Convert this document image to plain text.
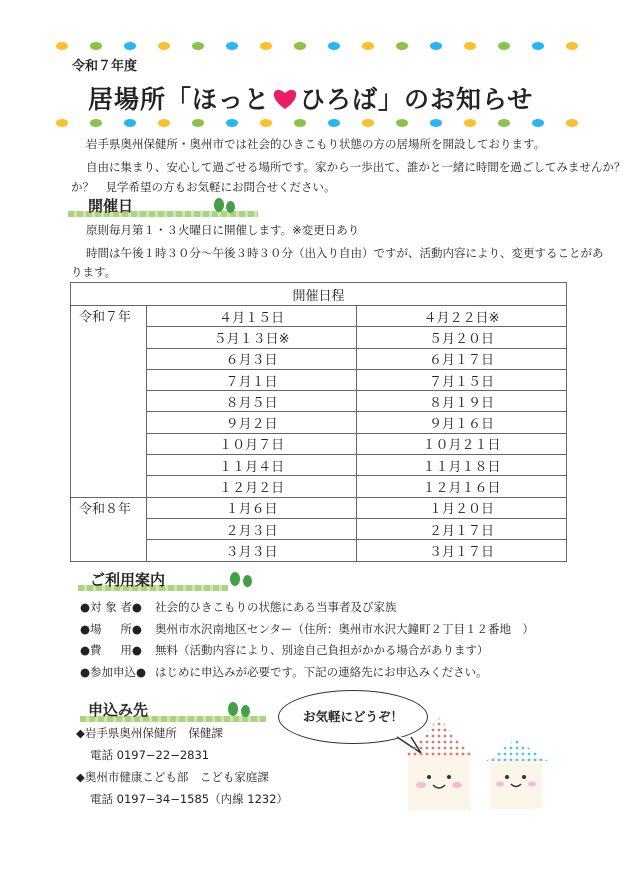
令和７年度
居場所「ほっと ひろば」のお知らせ
岩手県奥州保健所・奥州市では社会的ひきこもり状態の方の居場所を開設しております。
自由に集まり、安心して過ごせる場所です。家から一歩出て、誰かと一緒に時間を過ごしてみませんか？
か？　見学希望の方もお気軽にお問合せください。
開催日
原則毎月第１・３火曜日に開催します。※変更日あり
時間は午後１時３０分〜午後３時３０分（出入り自由）ですが、活動内容により、変更することがあ
ります。
開催日程		
令和７年	４月１５日	４月２２日※
	５月１３日※	５月２０日
	６月３日	６月１７日
	７月１日	７月１５日
	８月５日	８月１９日
	９月２日	９月１６日
	１０月７日	１０月２１日
	１１月４日	１１月１８日
	１２月２日	１２月１６日
令和８年	１月６日	１月２０日
	２月３日	２月１７日
	３月３日	３月１７日
ご利用案内
●対 象 者● 社会的ひきこもりの状態にある当事者及び家族
●場 　 所● 奥州市水沢南地区センター（住所：奥州市水沢大鐘町２丁目１２番地　）
●費 　 用● 無料（活動内容により、別途自己負担がかかる場合があります）
●参加申込● はじめに申込みが必要です。下記の連絡先にお申込みください。
申込み先
◆岩手県奥州保健所　保健課
電話 0197−22−2831
◆奥州市健康こども部　こども家庭課
電話 0197−34−1585（内線 1232）
お気軽にどうぞ！
